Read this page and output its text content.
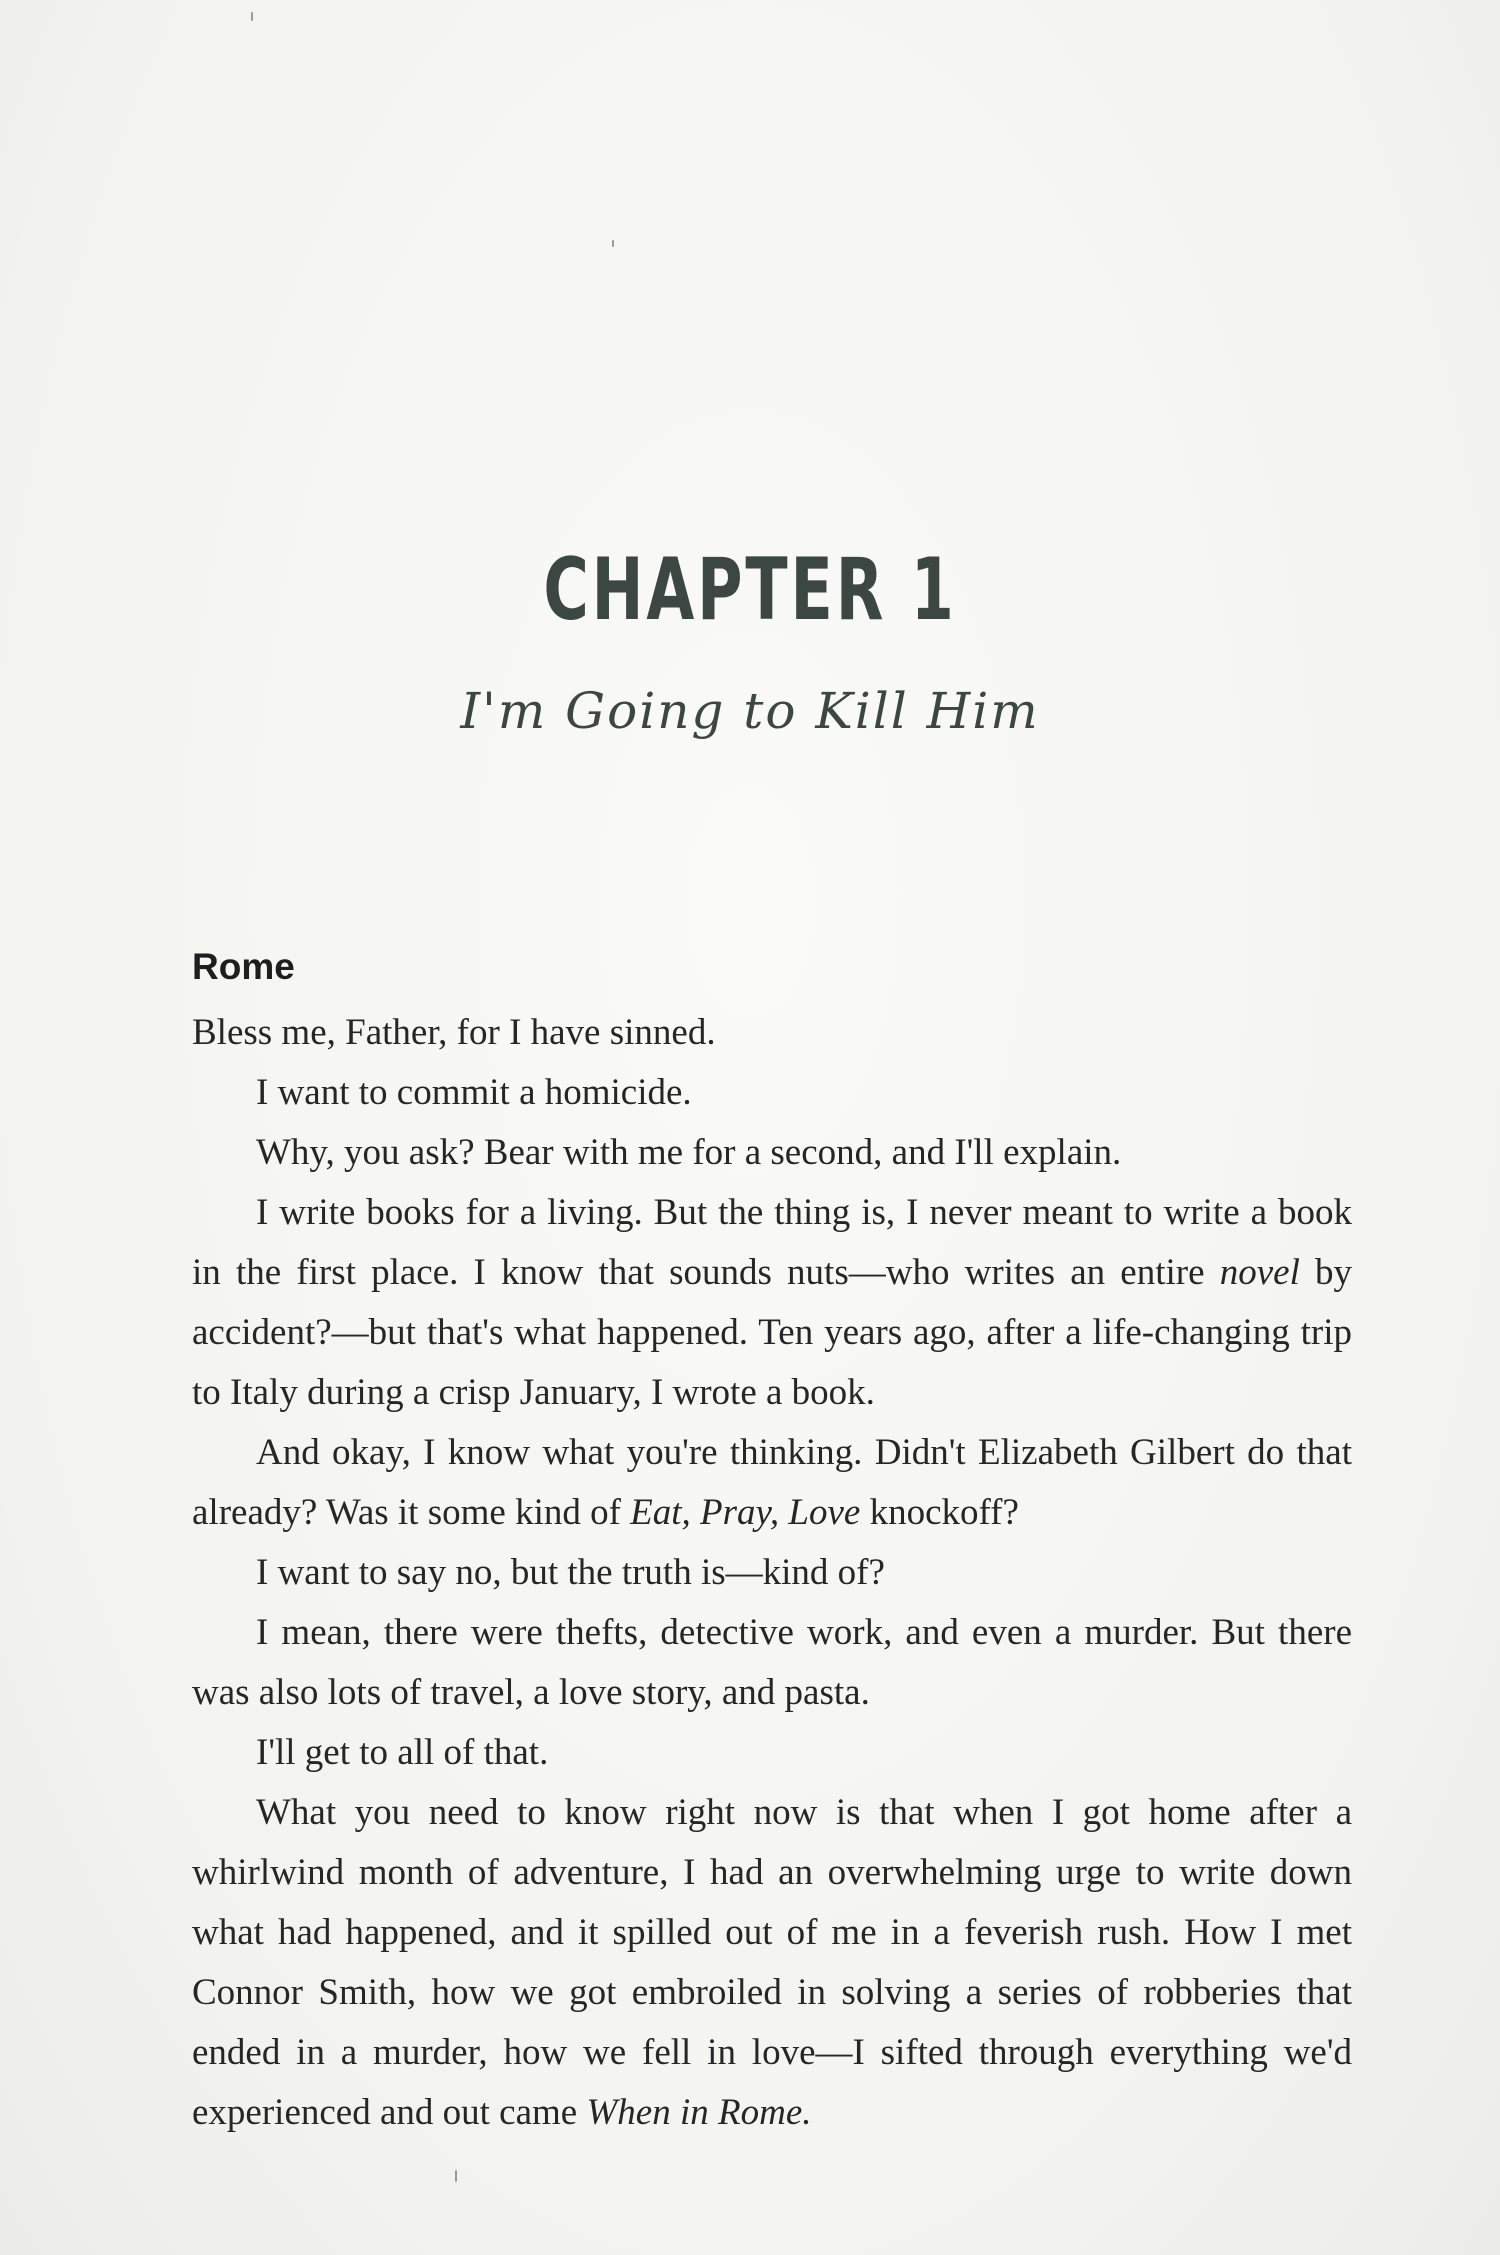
CHAPTER 1
I'm Going to Kill Him
Rome

Bless me, Father, for I have sinned.

I want to commit a homicide.

Why, you ask? Bear with me for a second, and I'll explain.

I write books for a living. But the thing is, I never meant to write a book in the first place. I know that sounds nuts—who writes an entire novel by accident?—but that's what happened. Ten years ago, after a life-changing trip to Italy during a crisp January, I wrote a book.

And okay, I know what you're thinking. Didn't Elizabeth Gilbert do that already? Was it some kind of Eat, Pray, Love knockoff?

I want to say no, but the truth is—kind of?

I mean, there were thefts, detective work, and even a murder. But there was also lots of travel, a love story, and pasta.

I'll get to all of that.

What you need to know right now is that when I got home after a whirlwind month of adventure, I had an overwhelming urge to write down what had happened, and it spilled out of me in a feverish rush. How I met Connor Smith, how we got embroiled in solving a series of robberies that ended in a murder, how we fell in love—I sifted through everything we'd experienced and out came When in Rome.
